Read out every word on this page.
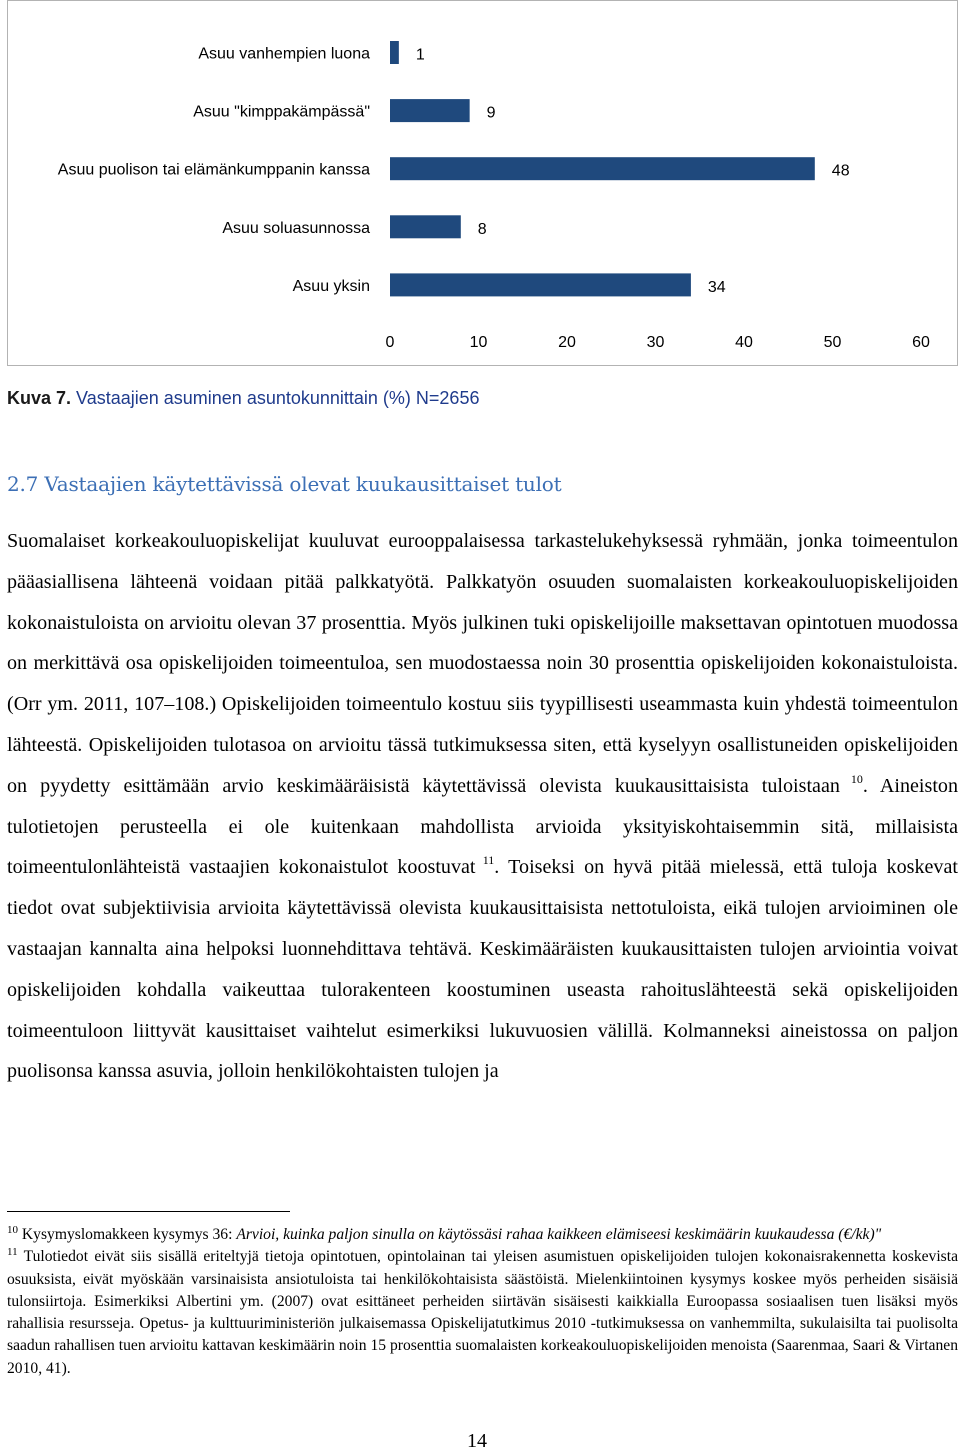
Asuu vanhempien luona	1
Asuu "kimppakämpässä"	9
Asuu puolison tai elämänkumppanin kanssa	48
Asuu soluasunnossa	8
Asuu yksin	34
0	10	20	30	40	50	60
Kuva 7. Vastaajien asuminen asuntokunnittain (%) N=2656
2.7 Vastaajien käytettävissä olevat kuukausittaiset tulot
Suomalaiset korkeakouluopiskelijat kuuluvat eurooppalaisessa tarkastelukehyksessä ryhmään, jonka toimeentulon pääasiallisena lähteenä voidaan pitää palkkatyötä. Palkkatyön osuuden suomalaisten korkeakouluopiskelijoiden kokonaistuloista on arvioitu olevan 37 prosenttia. Myös julkinen tuki opiskelijoille maksettavan opintotuen muodossa on merkittävä osa opiskelijoiden toimeentuloa, sen muodostaessa noin 30 prosenttia opiskelijoiden kokonaistuloista. (Orr ym. 2011, 107–108.) Opiskelijoiden toimeentulo kostuu siis tyypillisesti useammasta kuin yhdestä toimeentulon lähteestä. Opiskelijoiden tulotasoa on arvioitu tässä tutkimuksessa siten, että kyselyyn osallistuneiden opiskelijoiden on pyydetty esittämään arvio keskimääräisistä käytettävissä olevista kuukausittaisista tuloistaan $^{10}$. Aineiston tulotietojen perusteella ei ole kuitenkaan mahdollista arvioida yksityiskohtaisemmin sitä, millaisista toimeentulonlähteistä vastaajien kokonaistulot koostuvat $^{11}$. Toiseksi on hyvä pitää mielessä, että tuloja koskevat tiedot ovat subjektiivisia arvioita käytettävissä olevista kuukausittaisista nettotuloista, eikä tulojen arvioiminen ole vastaajan kannalta aina helpoksi luonnehdittava tehtävä. Keskimääräisten kuukausittaisten tulojen arviointia voivat opiskelijoiden kohdalla vaikeuttaa tulorakenteen koostuminen useasta rahoituslähteestä sekä opiskelijoiden toimeentuloon liittyvät kausittaiset vaihtelut esimerkiksi lukuvuosien välillä. Kolmanneksi aineistossa on paljon puolisonsa kanssa asuvia, jolloin henkilökohtaisten tulojen ja

$^{10}$ Kysymyslomakkeen kysymys 36: Arvioi, kuinka paljon sinulla on käytössäsi rahaa kaikkeen elämiseesi keskimäärin kuukaudessa (€/kk)"

$^{11}$ Tulotiedot eivät siis sisällä eriteltyjä tietoja opintotuen, opintolainan tai yleisen asumistuen opiskelijoiden tulojen kokonaisrakennetta koskevista osuuksista, eivät myöskään varsinaisista ansiotuloista tai henkilökohtaisista säästöistä. Mielenkiintoinen kysymys koskee myös perheiden sisäisiä tulonsiirtoja. Esimerkiksi Albertini ym. (2007) ovat esittäneet perheiden siirtävän sisäisesti kaikkialla Euroopassa sosiaalisen tuen lisäksi myös rahallisia resursseja. Opetus- ja kulttuuriministeriön julkaisemassa Opiskelijatutkimus 2010 -tutkimuksessa on vanhemmilta, sukulaisilta tai puolisolta saadun rahallisen tuen arvioitu kattavan keskimäärin noin 15 prosenttia suomalaisten korkeakouluopiskelijoiden menoista (Saarenmaa, Saari & Virtanen 2010, 41).

14
